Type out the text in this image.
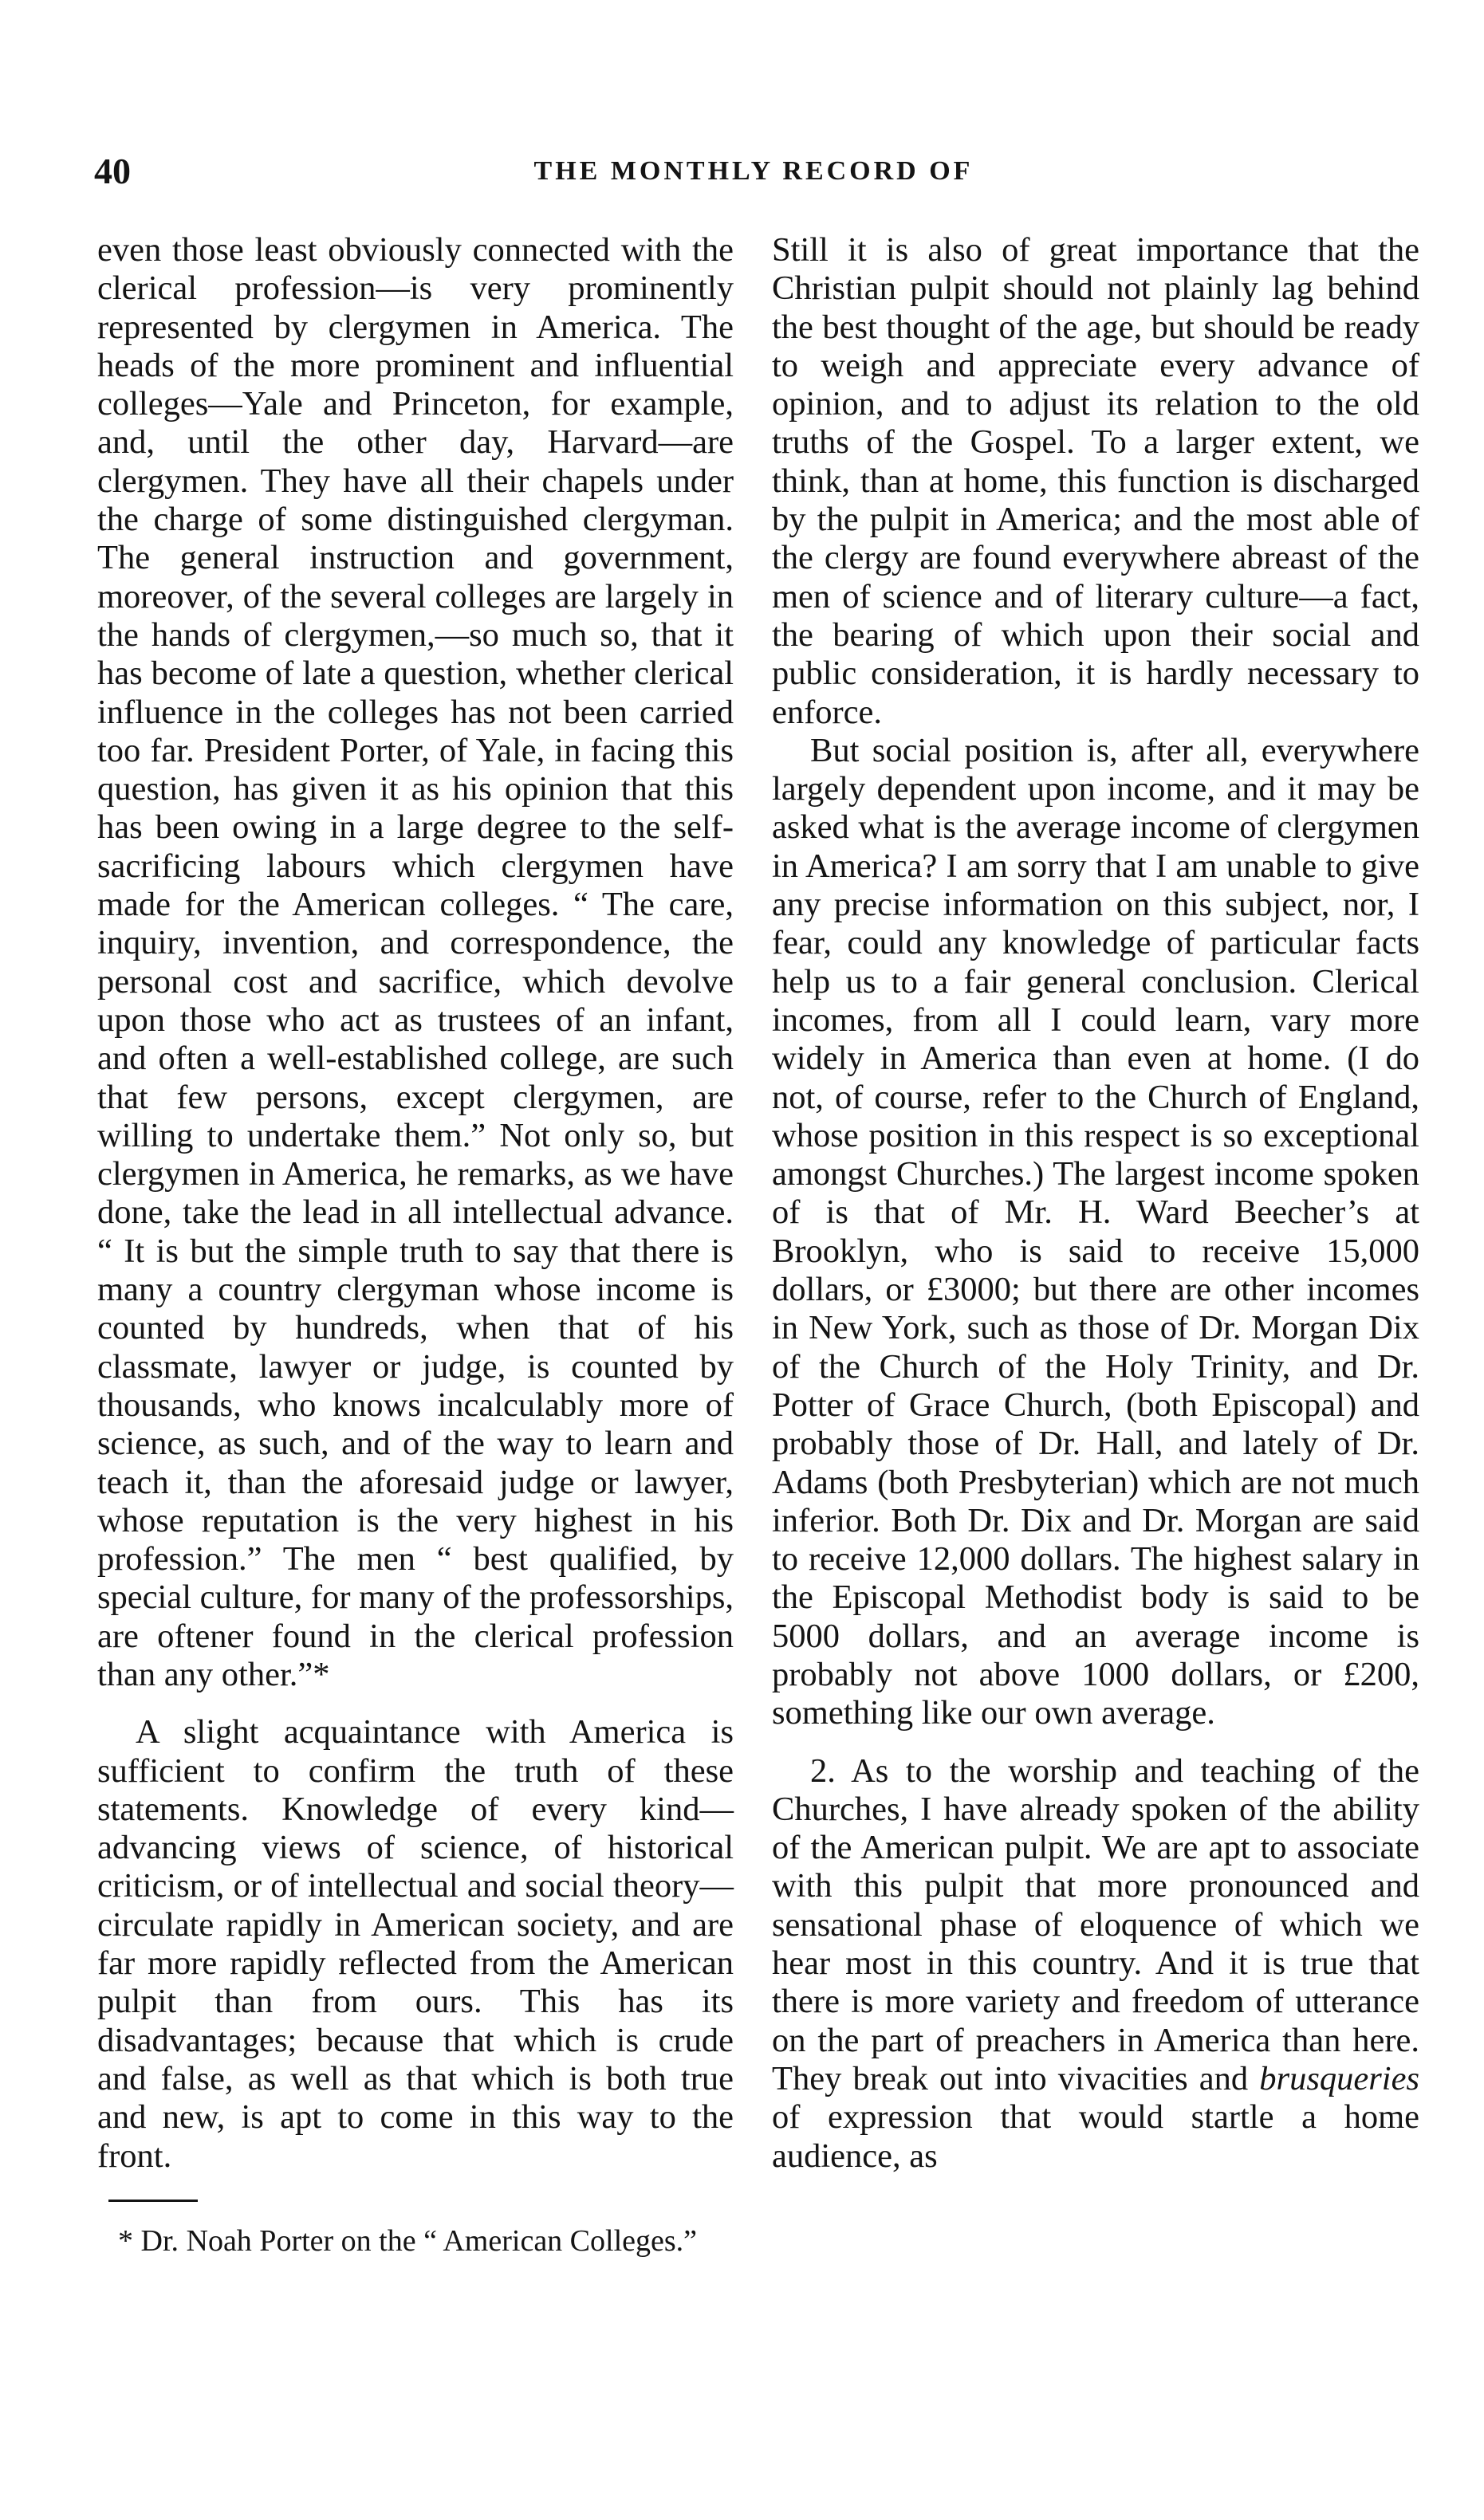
40	THE MONTHLY RECORD OF

even those least obviously connected with the clerical profession—is very prominently represented by clergymen in America. The heads of the more prominent and influential colleges—Yale and Princeton, for example, and, until the other day, Harvard—are clergymen. They have all their chapels under the charge of some distinguished clergyman. The general instruction and government, moreover, of the several colleges are largely in the hands of clergymen,—so much so, that it has become of late a question, whether clerical influence in the colleges has not been carried too far. President Porter, of Yale, in facing this question, has given it as his opinion that this has been owing in a large degree to the self-sacrificing labours which clergymen have made for the American colleges. “ The care, inquiry, invention, and correspondence, the personal cost and sacrifice, which devolve upon those who act as trustees of an infant, and often a well-established college, are such that few persons, except clergymen, are willing to undertake them.” Not only so, but clergymen in America, he remarks, as we have done, take the lead in all intellectual advance. “ It is but the simple truth to say that there is many a country clergyman whose income is counted by hundreds, when that of his classmate, lawyer or judge, is counted by thousands, who knows incalculably more of science, as such, and of the way to learn and teach it, than the aforesaid judge or lawyer, whose reputation is the very highest in his profession.” The men “ best qualified, by special culture, for many of the professorships, are oftener found in the clerical profession than any other.”*

A slight acquaintance with America is sufficient to confirm the truth of these statements. Knowledge of every kind—advancing views of science, of historical criticism, or of intellectual and social theory—circulate rapidly in American society, and are far more rapidly reflected from the American pulpit than from ours. This has its disadvantages; because that which is crude and false, as well as that which is both true and new, is apt to come in this way to the front.

* Dr. Noah Porter on the “ American Colleges.”

Still it is also of great importance that the Christian pulpit should not plainly lag behind the best thought of the age, but should be ready to weigh and appreciate every advance of opinion, and to adjust its relation to the old truths of the Gospel. To a larger extent, we think, than at home, this function is discharged by the pulpit in America; and the most able of the clergy are found everywhere abreast of the men of science and of literary culture—a fact, the bearing of which upon their social and public consideration, it is hardly necessary to enforce.

But social position is, after all, everywhere largely dependent upon income, and it may be asked what is the average income of clergymen in America? I am sorry that I am unable to give any precise information on this subject, nor, I fear, could any knowledge of particular facts help us to a fair general conclusion. Clerical incomes, from all I could learn, vary more widely in America than even at home. (I do not, of course, refer to the Church of England, whose position in this respect is so exceptional amongst Churches.) The largest income spoken of is that of Mr. H. Ward Beecher’s at Brooklyn, who is said to receive 15,000 dollars, or £3000; but there are other incomes in New York, such as those of Dr. Morgan Dix of the Church of the Holy Trinity, and Dr. Potter of Grace Church, (both Episcopal) and probably those of Dr. Hall, and lately of Dr. Adams (both Presbyterian) which are not much inferior. Both Dr. Dix and Dr. Morgan are said to receive 12,000 dollars. The highest salary in the Episcopal Methodist body is said to be 5000 dollars, and an average income is probably not above 1000 dollars, or £200, something like our own average.

2. As to the worship and teaching of the Churches, I have already spoken of the ability of the American pulpit. We are apt to associate with this pulpit that more pronounced and sensational phase of eloquence of which we hear most in this country. And it is true that there is more variety and freedom of utterance on the part of preachers in America than here. They break out into vivacities and brusqueries of expression that would startle a home audience, as
